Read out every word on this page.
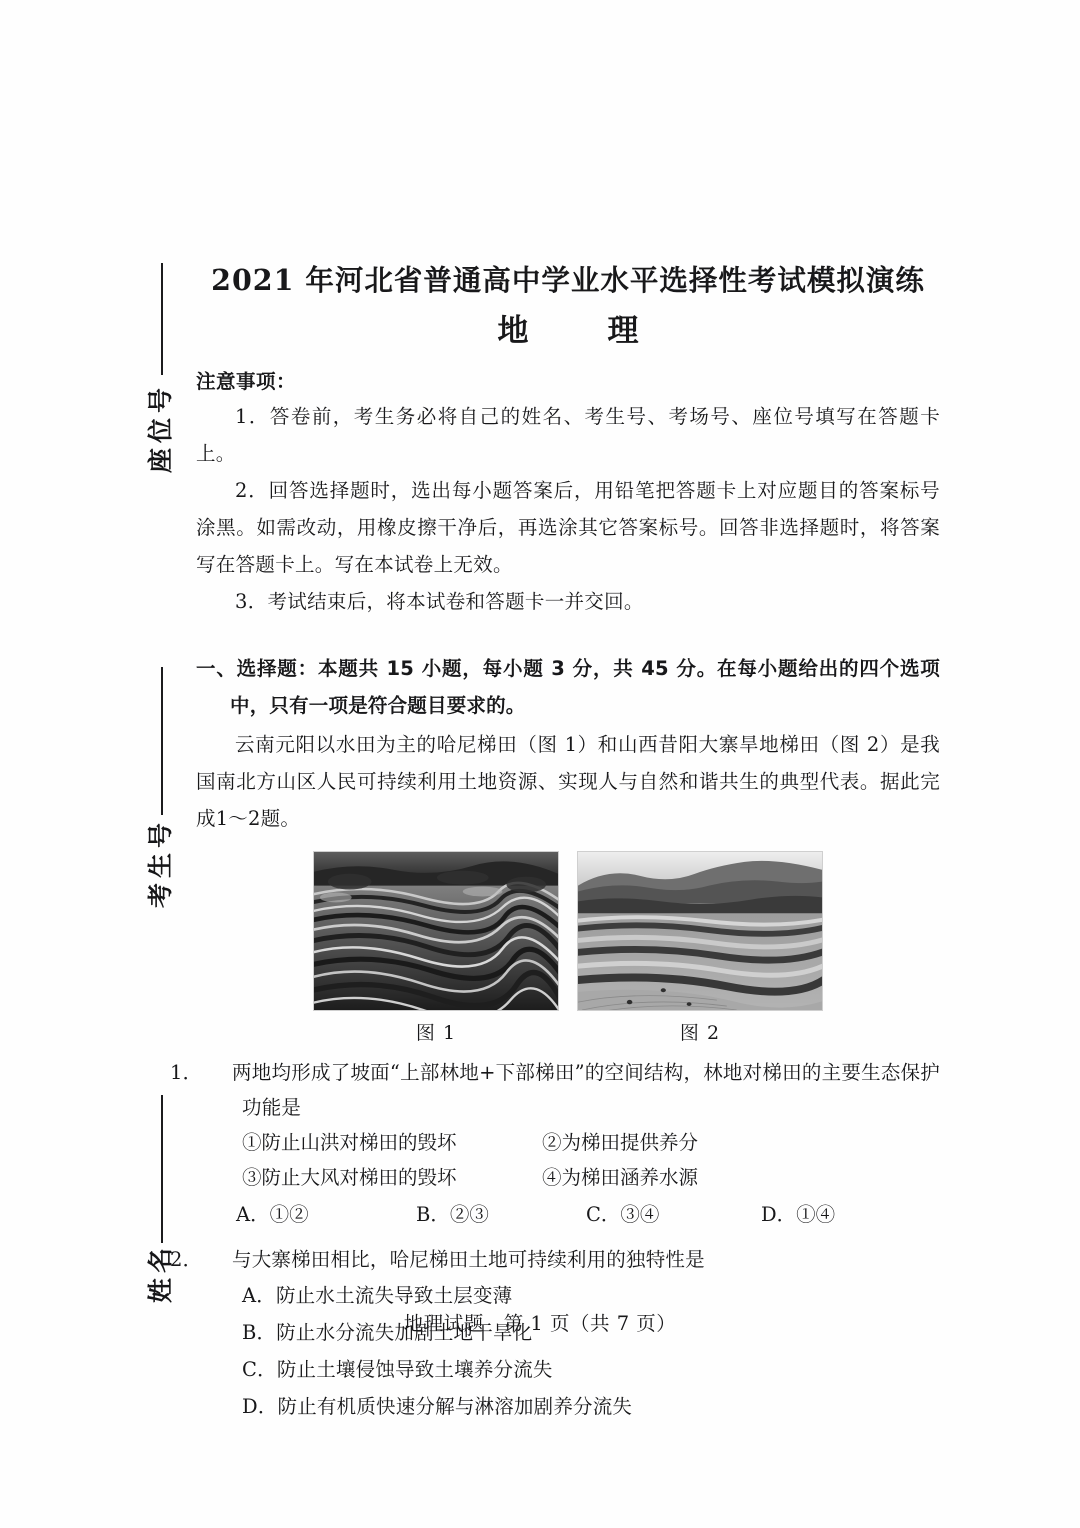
座位号
考生号
姓名
2021 年河北省普通高中学业水平选择性考试模拟演练
地　理
注意事项：

1．答卷前，考生务必将自己的姓名、考生号、考场号、座位号填写在答题卡上。

2．回答选择题时，选出每小题答案后，用铅笔把答题卡上对应题目的答案标号涂黑。如需改动，用橡皮擦干净后，再选涂其它答案标号。回答非选择题时，将答案写在答题卡上。写在本试卷上无效。

3．考试结束后，将本试卷和答题卡一并交回。

一、选择题：本题共 15 小题，每小题 3 分，共 45 分。在每小题给出的四个选项中，只有一项是符合题目要求的。

云南元阳以水田为主的哈尼梯田（图 1）和山西昔阳大寨旱地梯田（图 2）是我国南北方山区人民可持续利用土地资源、实现人与自然和谐共生的典型代表。据此完成1～2题。

图 1	图 2
1． 两地均形成了坡面“上部林地+下部梯田”的空间结构，林地对梯田的主要生态保护功能是
①防止山洪对梯田的毁坏	②为梯田提供养分
③防止大风对梯田的毁坏	④为梯田涵养水源
A．①②	B．②③	C．③④	D．①④
2． 与大寨梯田相比，哈尼梯田土地可持续利用的独特性是
A．防止水土流失导致土层变薄
B．防止水分流失加剧土地干旱化
C．防止土壤侵蚀导致土壤养分流失
D．防止有机质快速分解与淋溶加剧养分流失
地理试题　第 1 页（共 7 页）
